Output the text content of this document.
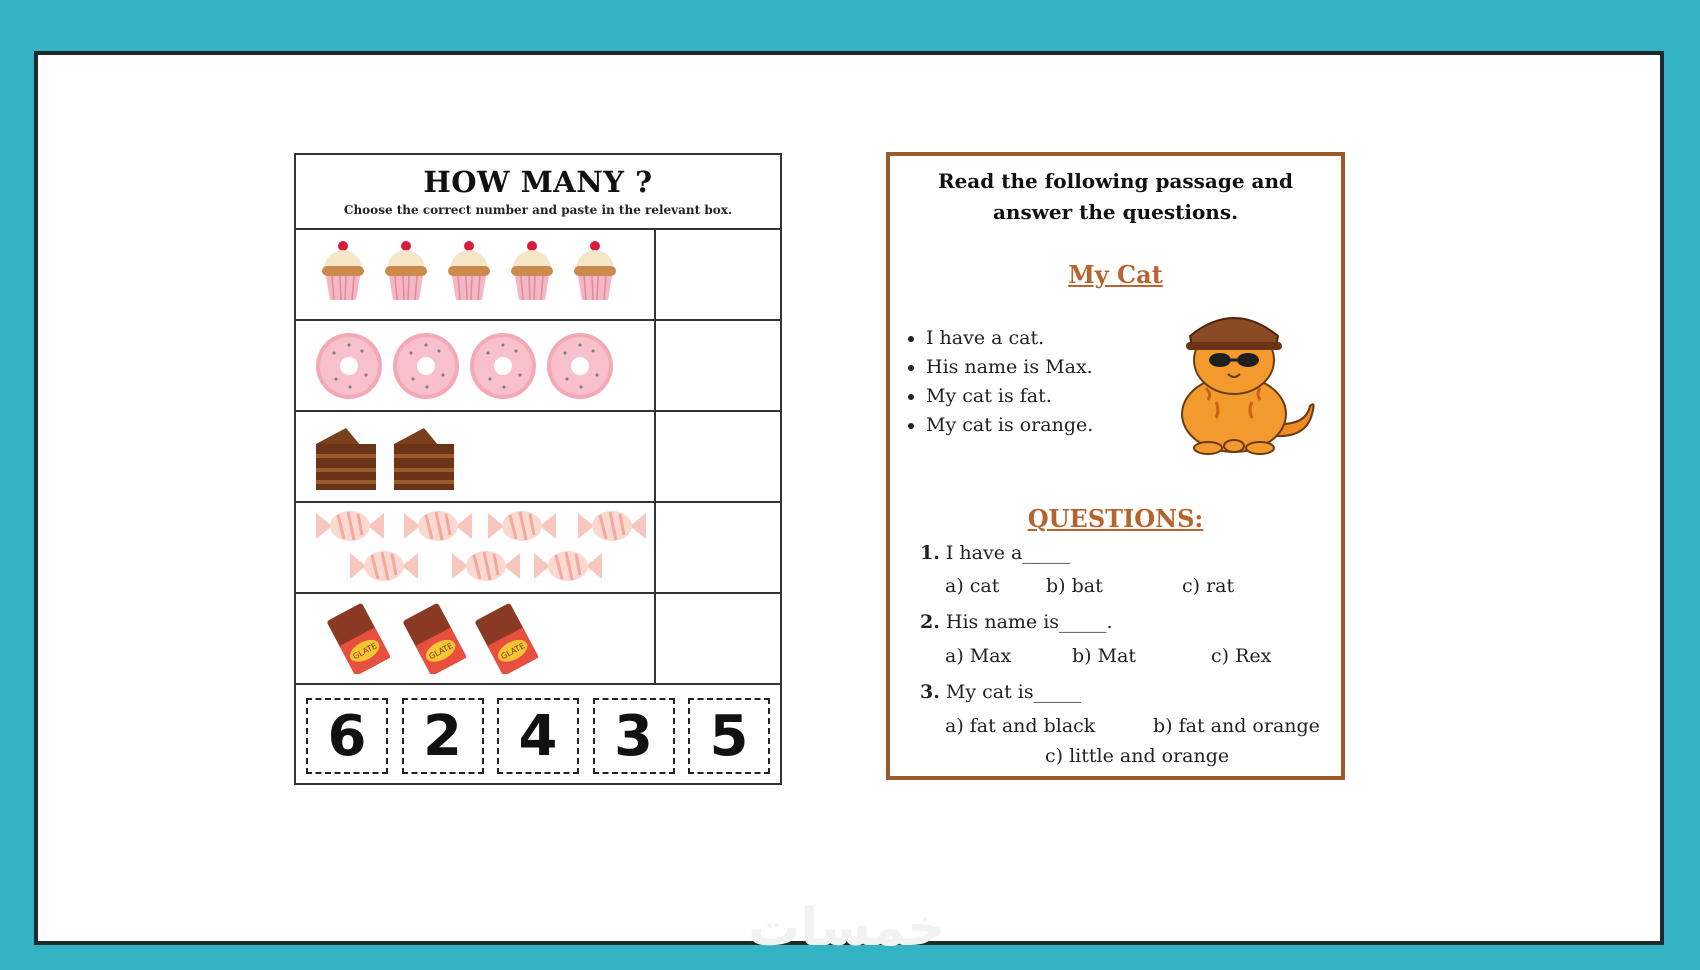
HOW MANY ?
Choose the correct number and paste in the relevant box.
GLATE	GLATE	GLATE
6	2	4	3	5
Read the following passage and answer the questions.
My Cat
• I have a cat.
• His name is Max.
• My cat is fat.
• My cat is orange.
QUESTIONS:
1. I have a_____
a) cat b) bat	c) rat
2. His name is_____.
a) Max	b) Mat	c) Rex
3. My cat is_____
a) fat and black	b) fat and orange
c) little and orange
خمسات
